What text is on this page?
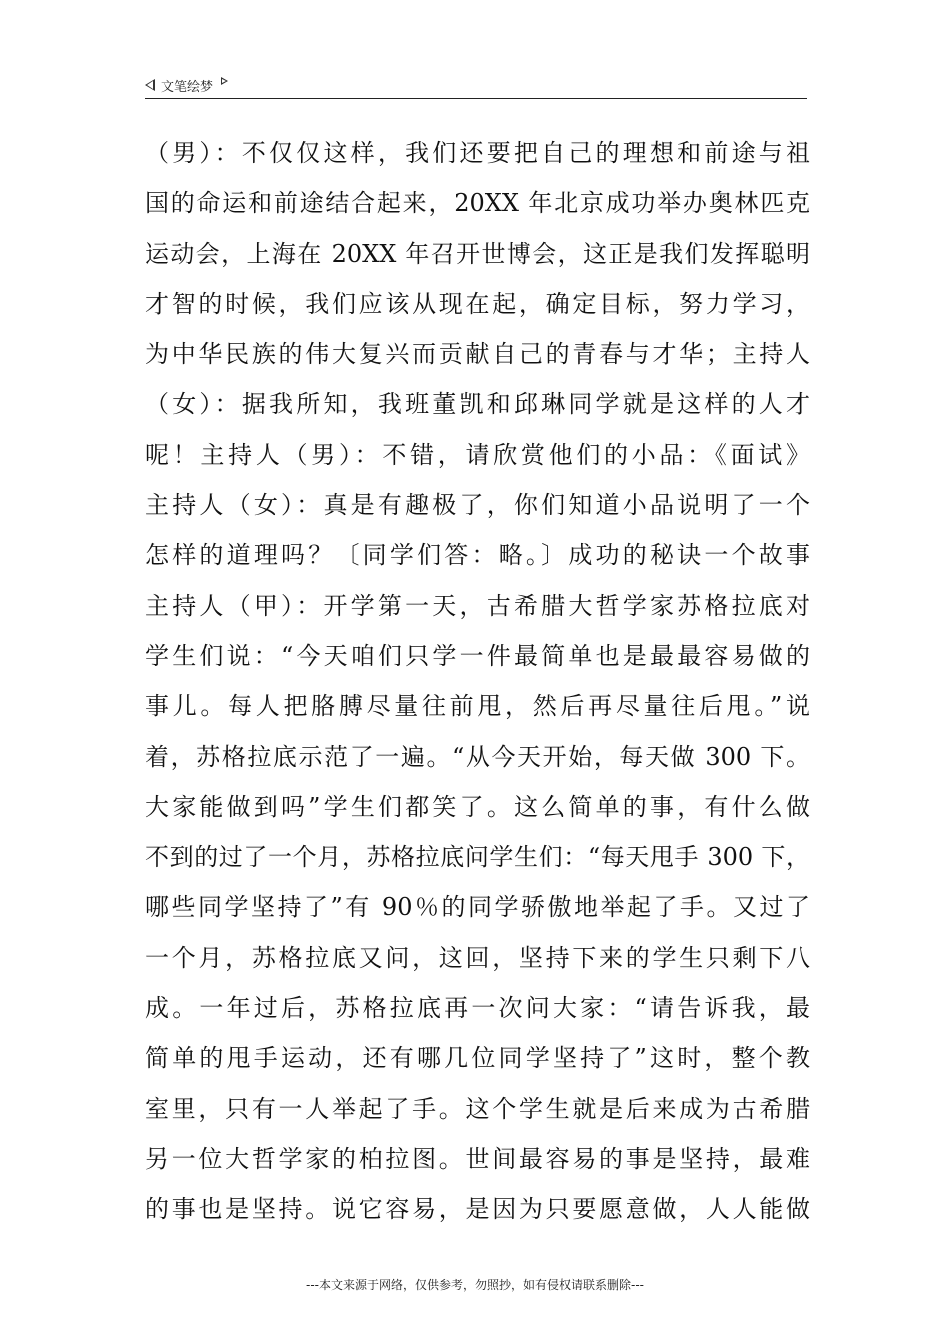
文笔绘梦
（男）：不仅仅这样，我们还要把自己的理想和前途与祖
国的命运和前途结合起来，20XX 年北京成功举办奥林匹克
运动会，上海在 20XX 年召开世博会，这正是我们发挥聪明
才智的时候，我们应该从现在起，确定目标，努力学习，
为中华民族的伟大复兴而贡献自己的青春与才华；主持人
（女）：据我所知，我班董凯和邱琳同学就是这样的人才
呢！主持人（男）：不错，请欣赏他们的小品：《面试》
主持人（女）：真是有趣极了，你们知道小品说明了一个
怎样的道理吗？〔同学们答：略。〕成功的秘诀一个故事
主持人（甲）：开学第一天，古希腊大哲学家苏格拉底对
学生们说：“今天咱们只学一件最简单也是最最容易做的
事儿。每人把胳膊尽量往前甩，然后再尽量往后甩。”说
着，苏格拉底示范了一遍。“从今天开始，每天做 300 下。
大家能做到吗”学生们都笑了。这么简单的事，有什么做
不到的过了一个月，苏格拉底问学生们：“每天甩手 300 下，
哪些同学坚持了”有 90％的同学骄傲地举起了手。又过了
一个月，苏格拉底又问，这回，坚持下来的学生只剩下八
成。一年过后，苏格拉底再一次问大家：“请告诉我，最
简单的甩手运动，还有哪几位同学坚持了”这时，整个教
室里，只有一人举起了手。这个学生就是后来成为古希腊
另一位大哲学家的柏拉图。世间最容易的事是坚持，最难
的事也是坚持。说它容易，是因为只要愿意做，人人能做
---本文来源于网络，仅供参考，勿照抄，如有侵权请联系删除---
